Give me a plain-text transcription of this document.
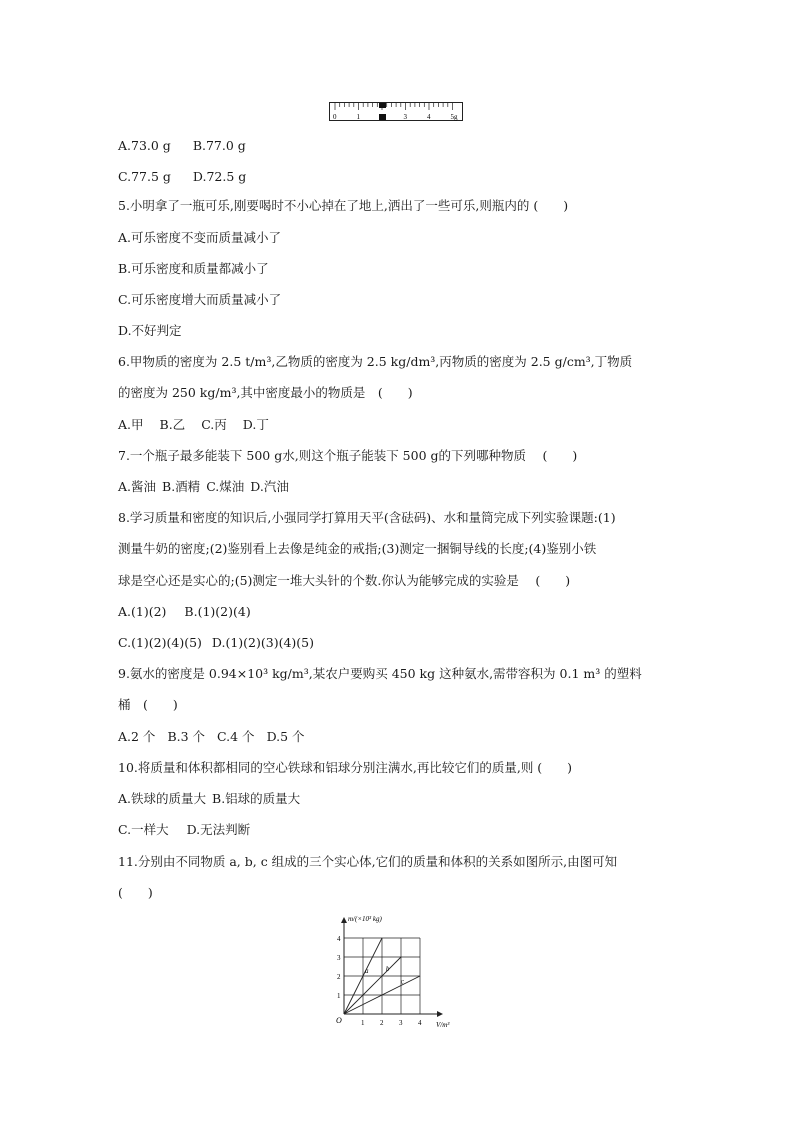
0	1	3	4	5g
A.73.0 g B.77.0 g
C.77.5 g D.72.5 g
5.小明拿了一瓶可乐,刚要喝时不小心掉在了地上,洒出了一些可乐,则瓶内的 (　　)
A.可乐密度不变而质量减小了
B.可乐密度和质量都减小了
C.可乐密度增大而质量减小了
D.不好判定
6.甲物质的密度为 2.5 t/m³,乙物质的密度为 2.5 kg/dm³,丙物质的密度为 2.5 g/cm³,丁物质
的密度为 250 kg/m³,其中密度最小的物质是　(　　)
A.甲 B.乙 C.丙 D.丁
7.一个瓶子最多能装下 500 g水,则这个瓶子能装下 500 g的下列哪种物质　 (　　)
A.酱油 B.酒精 C.煤油 D.汽油
8.学习质量和密度的知识后,小强同学打算用天平(含砝码)、水和量筒完成下列实验课题:(1)
测量牛奶的密度;(2)鉴别看上去像是纯金的戒指;(3)测定一捆铜导线的长度;(4)鉴别小铁
球是空心还是实心的;(5)测定一堆大头针的个数.你认为能够完成的实验是　 (　　)
A.(1)(2) B.(1)(2)(4)
C.(1)(2)(4)(5) D.(1)(2)(3)(4)(5)
9.氨水的密度是 0.94×10³ kg/m³,某农户要购买 450 kg 这种氨水,需带容积为 0.1 m³ 的塑料
桶　(　　)
A.2 个 B.3 个 C.4 个 D.5 个
10.将质量和体积都相同的空心铁球和铝球分别注满水,再比较它们的质量,则 (　　)
A.铁球的质量大 B.铝球的质量大
C.一样大 D.无法判断
11.分别由不同物质 a, b, c 组成的三个实心体,它们的质量和体积的关系如图所示,由图可知
(　　)
m/(×10³ kg)
V/m³
O	1 2 3 4
1
2
3
4
a b
c
